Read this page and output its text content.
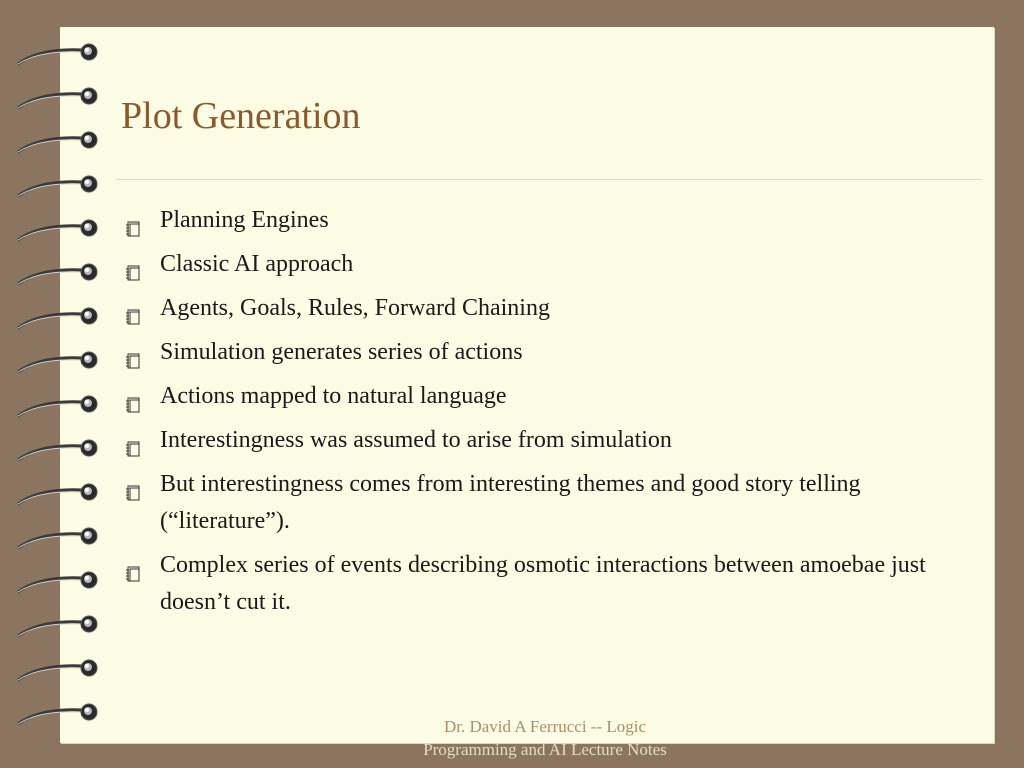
Plot Generation
Planning Engines
Classic AI approach
Agents, Goals, Rules, Forward Chaining
Simulation generates series of actions
Actions mapped to natural language
Interestingness was assumed to arise from simulation
But interestingness comes from interesting themes and good story telling (“literature”).
Complex series of events describing osmotic interactions between amoebae just doesn’t cut it.
Dr. David A Ferrucci -- Logic
Programming and AI Lecture Notes
